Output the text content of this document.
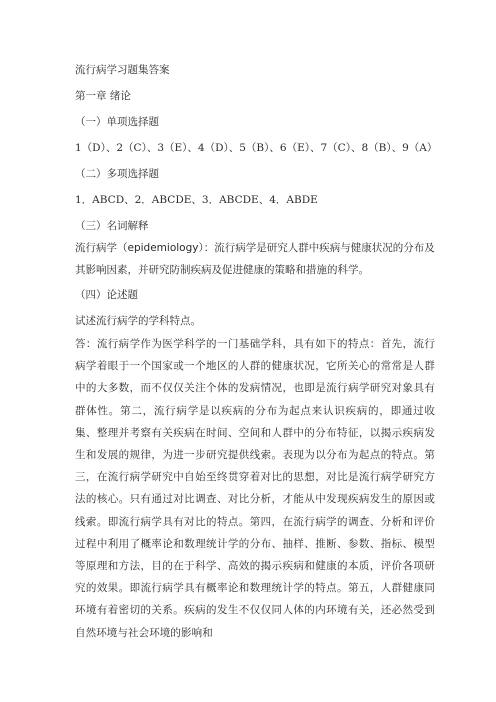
流行病学习题集答案

第一章 绪论

（一）单项选择题

1（D）、2（C）、3（E）、4（D）、5（B）、6（E）、7（C）、8（B）、9（A）

（二）多项选择题

1．ABCD、2．ABCDE、3．ABCDE、4．ABDE

（三）名词解释

流行病学（epidemiology）：流行病学是研究人群中疾病与健康状况的分布及其影响因素，并研究防制疾病及促进健康的策略和措施的科学。

（四）论述题

试述流行病学的学科特点。

答：流行病学作为医学科学的一门基础学科，具有如下的特点：首先，流行病学着眼于一个国家或一个地区的人群的健康状况，它所关心的常常是人群中的大多数，而不仅仅关注个体的发病情况，也即是流行病学研究对象具有群体性。第二，流行病学是以疾病的分布为起点来认识疾病的，即通过收集、整理并考察有关疾病在时间、空间和人群中的分布特征，以揭示疾病发生和发展的规律，为进一步研究提供线索。表现为以分布为起点的特点。第三，在流行病学研究中自始至终贯穿着对比的思想，对比是流行病学研究方法的核心。只有通过对比调查、对比分析，才能从中发现疾病发生的原因或线索。即流行病学具有对比的特点。第四，在流行病学的调查、分析和评价过程中利用了概率论和数理统计学的分布、抽样、推断、参数、指标、模型等原理和方法，目的在于科学、高效的揭示疾病和健康的本质，评价各项研究的效果。即流行病学具有概率论和数理统计学的特点。第五，人群健康同环境有着密切的关系。疾病的发生不仅仅同人体的内环境有关，还必然受到自然环境与社会环境的影响和
